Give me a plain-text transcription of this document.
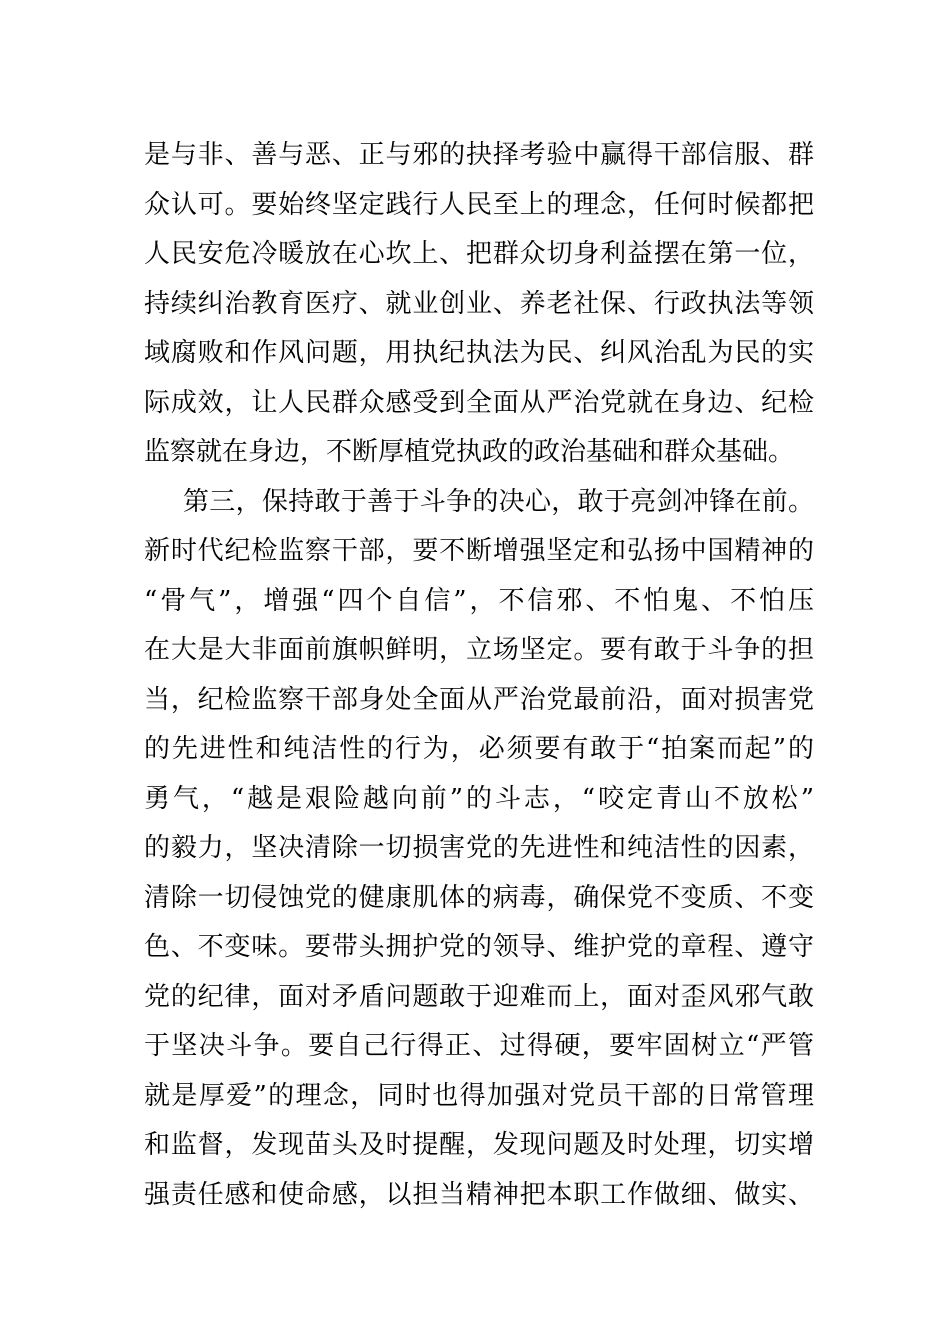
是与非、善与恶、正与邪的抉择考验中赢得干部信服、群
众认可。要始终坚定践行人民至上的理念，任何时候都把
人民安危冷暖放在心坎上、把群众切身利益摆在第一位，
持续纠治教育医疗、就业创业、养老社保、行政执法等领
域腐败和作风问题，用执纪执法为民、纠风治乱为民的实
际成效，让人民群众感受到全面从严治党就在身边、纪检
监察就在身边，不断厚植党执政的政治基础和群众基础。
第三，保持敢于善于斗争的决心，敢于亮剑冲锋在前。
新时代纪检监察干部，要不断增强坚定和弘扬中国精神的
“骨气”，增强“四个自信”，不信邪、不怕鬼、不怕压
在大是大非面前旗帜鲜明，立场坚定。要有敢于斗争的担
当，纪检监察干部身处全面从严治党最前沿，面对损害党
的先进性和纯洁性的行为，必须要有敢于“拍案而起”的
勇气，“越是艰险越向前”的斗志，“咬定青山不放松”
的毅力，坚决清除一切损害党的先进性和纯洁性的因素，
清除一切侵蚀党的健康肌体的病毒，确保党不变质、不变
色、不变味。要带头拥护党的领导、维护党的章程、遵守
党的纪律，面对矛盾问题敢于迎难而上，面对歪风邪气敢
于坚决斗争。要自己行得正、过得硬，要牢固树立“严管
就是厚爱”的理念，同时也得加强对党员干部的日常管理
和监督，发现苗头及时提醒，发现问题及时处理，切实增
强责任感和使命感，以担当精神把本职工作做细、做实、
